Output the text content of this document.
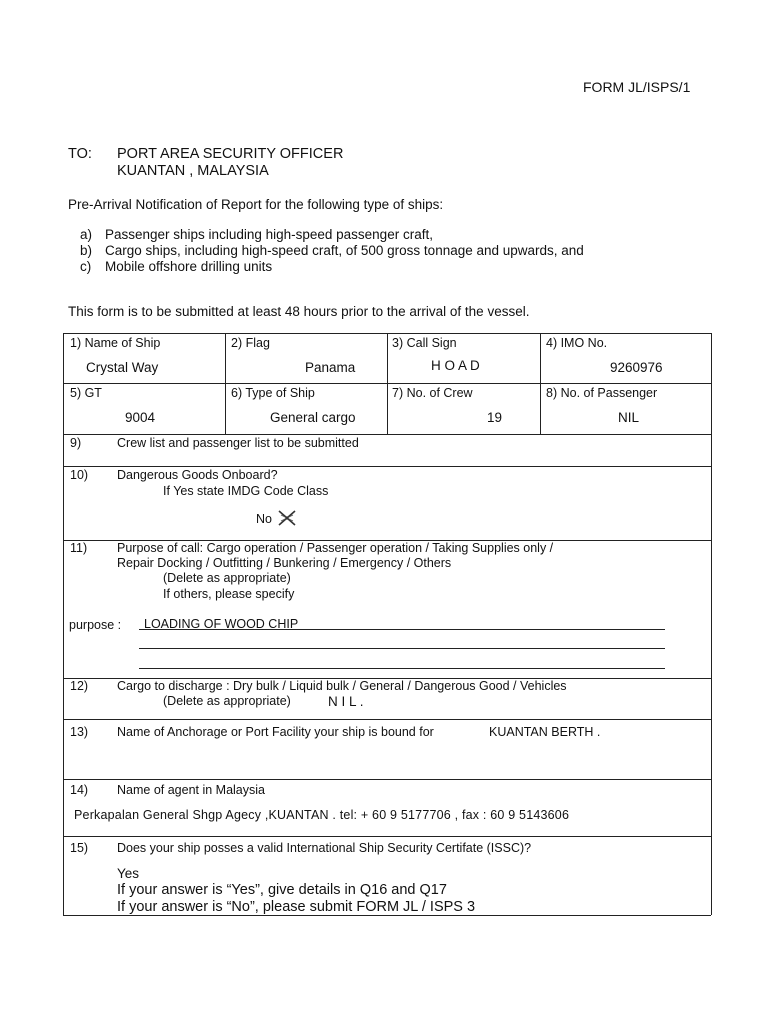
FORM JL/ISPS/1
TO: PORT AREA SECURITY OFFICER
KUANTAN , MALAYSIA
Pre-Arrival Notification of Report for the following type of ships:
a) Passenger ships including high-speed passenger craft,
b) Cargo ships, including high-speed craft, of 500 gross tonnage and upwards, and
c) Mobile offshore drilling units
This form is to be submitted at least 48 hours prior to the arrival of the vessel.
1) Name of Ship
Crystal Way
2) Flag
Panama
3) Call Sign
H O A D
4) IMO No.
9260976
5) GT
9004
6) Type of Ship
General cargo
7) No. of Crew
19
8) No. of Passenger
NIL
9)	Crew list and passenger list to be submitted
10) Dangerous Goods Onboard?
If Yes state IMDG Code Class
No
11) Purpose of call: Cargo operation / Passenger operation / Taking Supplies only /
Repair Docking / Outfitting / Bunkering / Emergency / Others
(Delete as appropriate)
If others, please specify
purpose : LOADING OF WOOD CHIP
12) Cargo to discharge : Dry bulk / Liquid bulk / General / Dangerous Good / Vehicles
(Delete as appropriate)	N I L .
13) Name of Anchorage or Port Facility your ship is bound for	KUANTAN BERTH .
14) Name of agent in Malaysia
Perkapalan General Shgp Agecy ,KUANTAN . tel: + 60 9 5177706 , fax : 60 9 5143606
15) Does your ship posses a valid International Ship Security Certifate (ISSC)?
Yes
If your answer is “Yes”, give details in Q16 and Q17
If your answer is “No”, please submit FORM JL / ISPS 3
